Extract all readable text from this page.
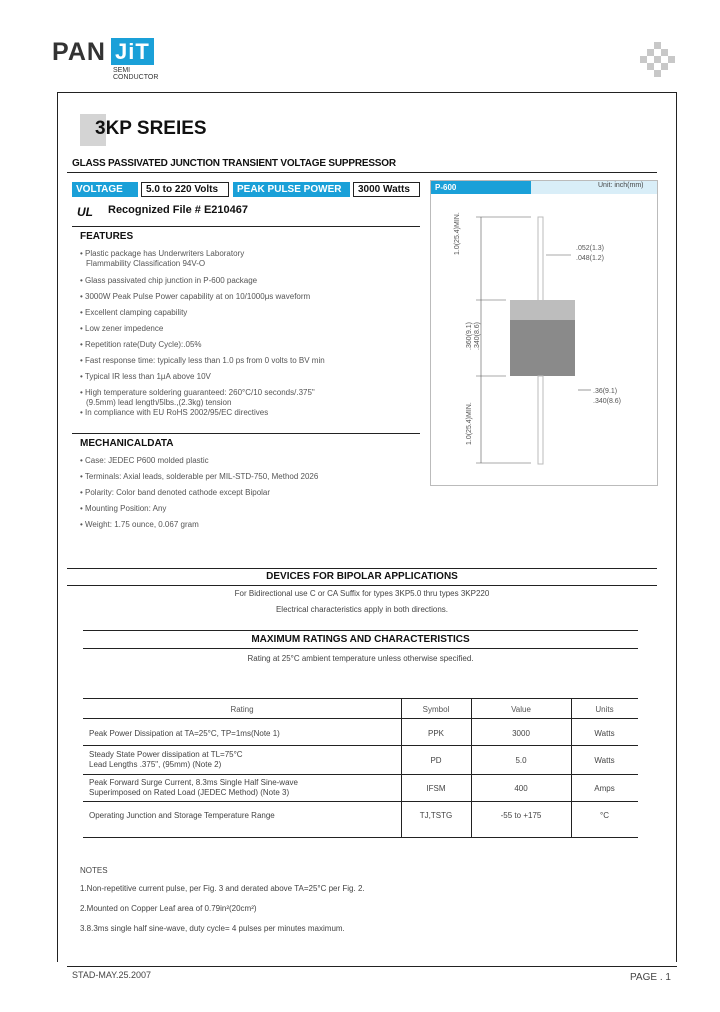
PAN JiT
SEMI
CONDUCTOR
3KP SREIES
GLASS PASSIVATED JUNCTION TRANSIENT VOLTAGE SUPPRESSOR
VOLTAGE	5.0 to 220 Volts	PEAK PULSE POWER	3000 Watts
UL Recognized File # E210467
FEATURES
• Plastic package has Underwriters Laboratory
Flammability Classification 94V-O
• Glass passivated chip junction in P-600 package
• 3000W Peak Pulse Power capability at on 10/1000μs waveform
• Excellent clamping capability
• Low zener impedence
• Repetition rate(Duty Cycle):.05%
• Fast response time: typically less than 1.0 ps from 0 volts to BV min
• Typical IR less than 1μA above 10V
• High temperature soldering guaranteed: 260°C/10 seconds/.375"
(9.5mm) lead length/5lbs.,(2.3kg) tension
• In compliance with EU RoHS 2002/95/EC directives
MECHANICALDATA
• Case: JEDEC P600 molded plastic
• Terminals: Axial leads, solderable per MIL-STD-750, Method 2026
• Polarity: Color band denoted cathode except Bipolar
• Mounting Position: Any
• Weight: 1.75 ounce, 0.067 gram
P-600	Unit: inch(mm)
1.0(25.4)MIN.
.360(9.1) .340(8.6)
1.0(25.4)MIN.
.052(1.3)
.048(1.2)
.36(9.1)
.340(8.6)
DEVICES FOR BIPOLAR APPLICATIONS
For Bidirectional use C or CA Suffix for types 3KP5.0 thru types 3KP220
Electrical characteristics apply in both directions.
MAXIMUM RATINGS AND CHARACTERISTICS
Rating at 25°C ambient temperature unless otherwise specified.
Rating	Symbol	Value	Units
Peak Power Dissipation at TA=25°C, TP=1ms(Note 1)	PPK	3000	Watts
Steady State Power dissipation at TL=75°C
Lead Lengths .375", (95mm) (Note 2)	PD	5.0	Watts
Peak Forward Surge Current, 8.3ms Single Half Sine-wave
Superimposed on Rated Load (JEDEC Method) (Note 3)	IFSM	400	Amps
Operating Junction and Storage Temperature Range	TJ,TSTG	-55 to +175	°C
NOTES
1.Non-repetitive current pulse, per Fig. 3 and derated above TA=25°C per Fig. 2.
2.Mounted on Copper Leaf area of 0.79in²(20cm²)
3.8.3ms single half sine-wave, duty cycle= 4 pulses per minutes maximum.
STAD-MAY.25.2007	PAGE . 1
